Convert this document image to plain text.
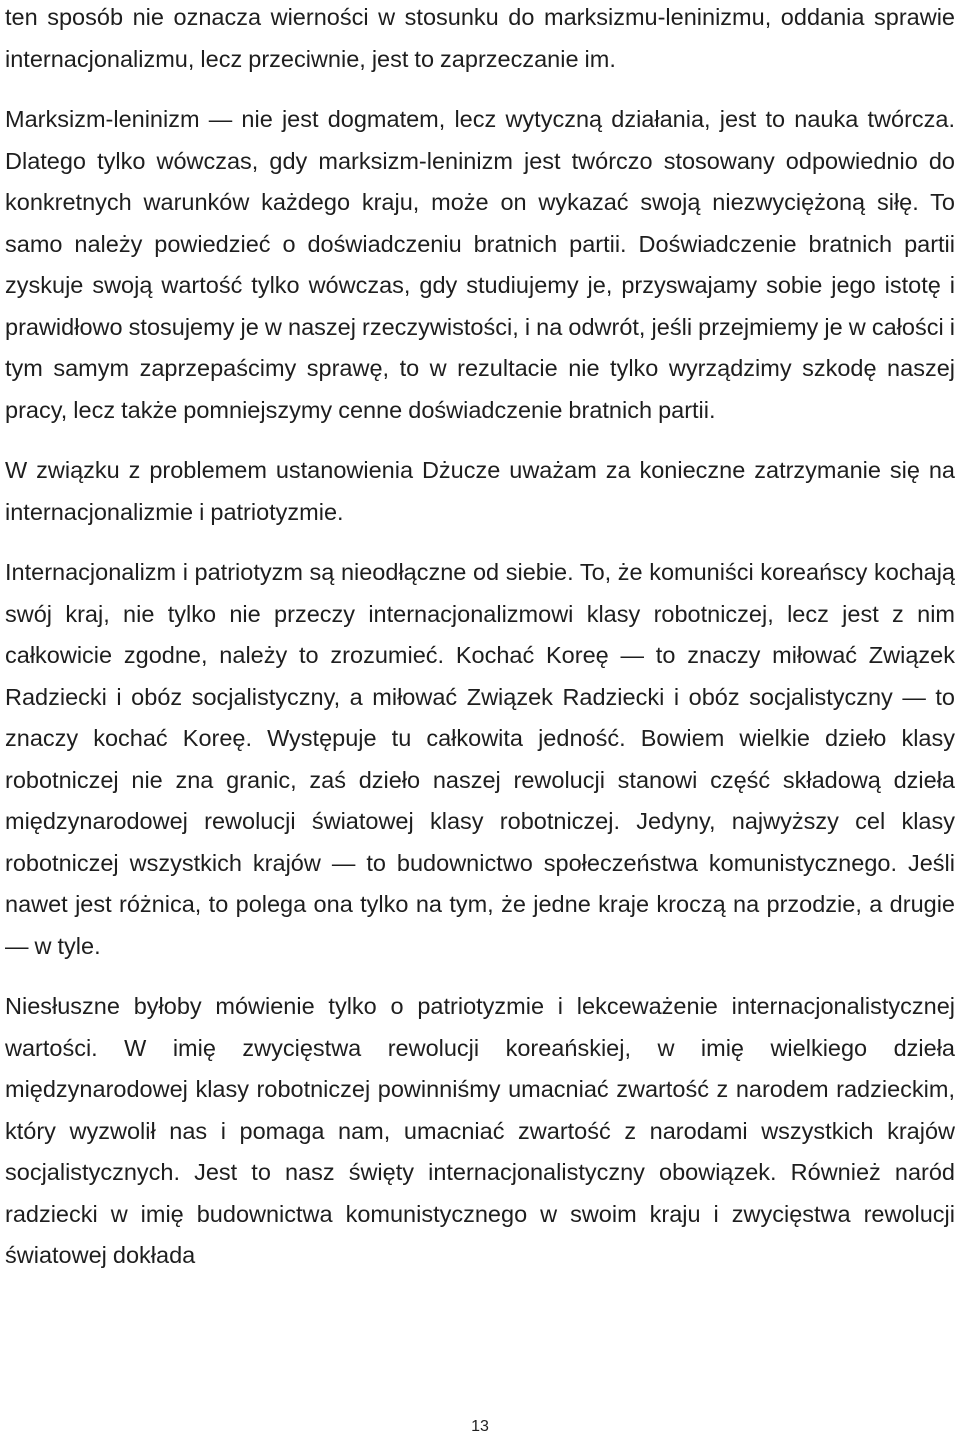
ten sposób nie oznacza wierności w stosunku do marksizmu-leninizmu, oddania sprawie internacjonalizmu, lecz przeciwnie, jest to zaprzeczanie im.

Marksizm-leninizm — nie jest dogmatem, lecz wytyczną działania, jest to nauka twórcza. Dlatego tylko wówczas, gdy marksizm-leninizm jest twórczo stosowany odpowiednio do konkretnych warunków każdego kraju, może on wykazać swoją niezwyciężoną siłę. To samo należy powiedzieć o doświadczeniu bratnich partii. Doświadczenie bratnich partii zyskuje swoją wartość tylko wówczas, gdy studiujemy je, przyswajamy sobie jego istotę i prawidłowo stosujemy je w naszej rzeczywistości, i na odwrót, jeśli przejmiemy je w całości i tym samym zaprzepaścimy sprawę, to w rezultacie nie tylko wyrządzimy szkodę naszej pracy, lecz także pomniejszymy cenne doświadczenie bratnich partii.

W związku z problemem ustanowienia Dżucze uważam za konieczne zatrzymanie się na internacjonalizmie i patriotyzmie.

Internacjonalizm i patriotyzm są nieodłączne od siebie. To, że komuniści koreańscy kochają swój kraj, nie tylko nie przeczy internacjonalizmowi klasy robotniczej, lecz jest z nim całkowicie zgodne, należy to zrozumieć. Kochać Koreę — to znaczy miłować Związek Radziecki i obóz socjalistyczny, a miłować Związek Radziecki i obóz socjalistyczny — to znaczy kochać Koreę. Występuje tu całkowita jedność. Bowiem wielkie dzieło klasy robotniczej nie zna granic, zaś dzieło naszej rewolucji stanowi część składową dzieła międzynarodowej rewolucji światowej klasy robotniczej. Jedyny, najwyższy cel klasy robotniczej wszystkich krajów — to budownictwo społeczeństwa komunistycznego. Jeśli nawet jest różnica, to polega ona tylko na tym, że jedne kraje kroczą na przodzie, a drugie — w tyle.

Niesłuszne byłoby mówienie tylko o patriotyzmie i lekceważenie internacjonalistycznej wartości. W imię zwycięstwa rewolucji koreańskiej, w imię wielkiego dzieła międzynarodowej klasy robotniczej powinniśmy umacniać zwartość z narodem radzieckim, który wyzwolił nas i pomaga nam, umacniać zwartość z narodami wszystkich krajów socjalistycznych. Jest to nasz święty internacjonalistyczny obowiązek. Również naród radziecki w imię budownictwa komunistycznego w swoim kraju i zwycięstwa rewolucji światowej dokłada

13
